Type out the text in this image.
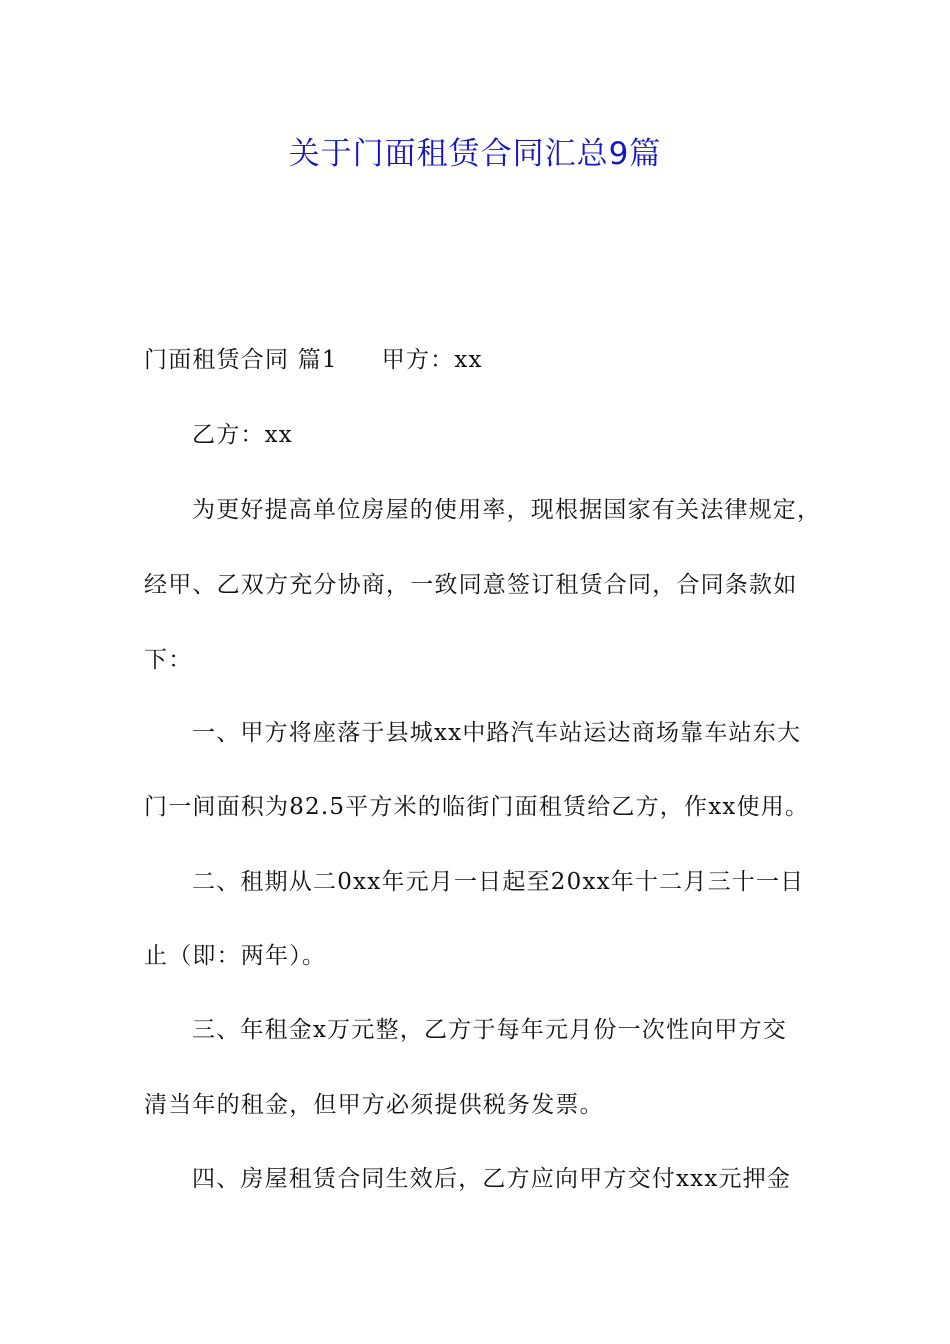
关于门面租赁合同汇总9篇
门面租赁合同 篇1 甲方：xx
乙方：xx
为更好提高单位房屋的使用率，现根据国家有关法律规定，
经甲、乙双方充分协商，一致同意签订租赁合同，合同条款如
下：
一、甲方将座落于县城xx中路汽车站运达商场靠车站东大
门一间面积为82.5平方米的临街门面租赁给乙方，作xx使用。
二、租期从二0xx年元月一日起至20xx年十二月三十一日
止（即：两年）。
三、年租金x万元整，乙方于每年元月份一次性向甲方交
清当年的租金，但甲方必须提供税务发票。
四、房屋租赁合同生效后，乙方应向甲方交付xxx元押金
